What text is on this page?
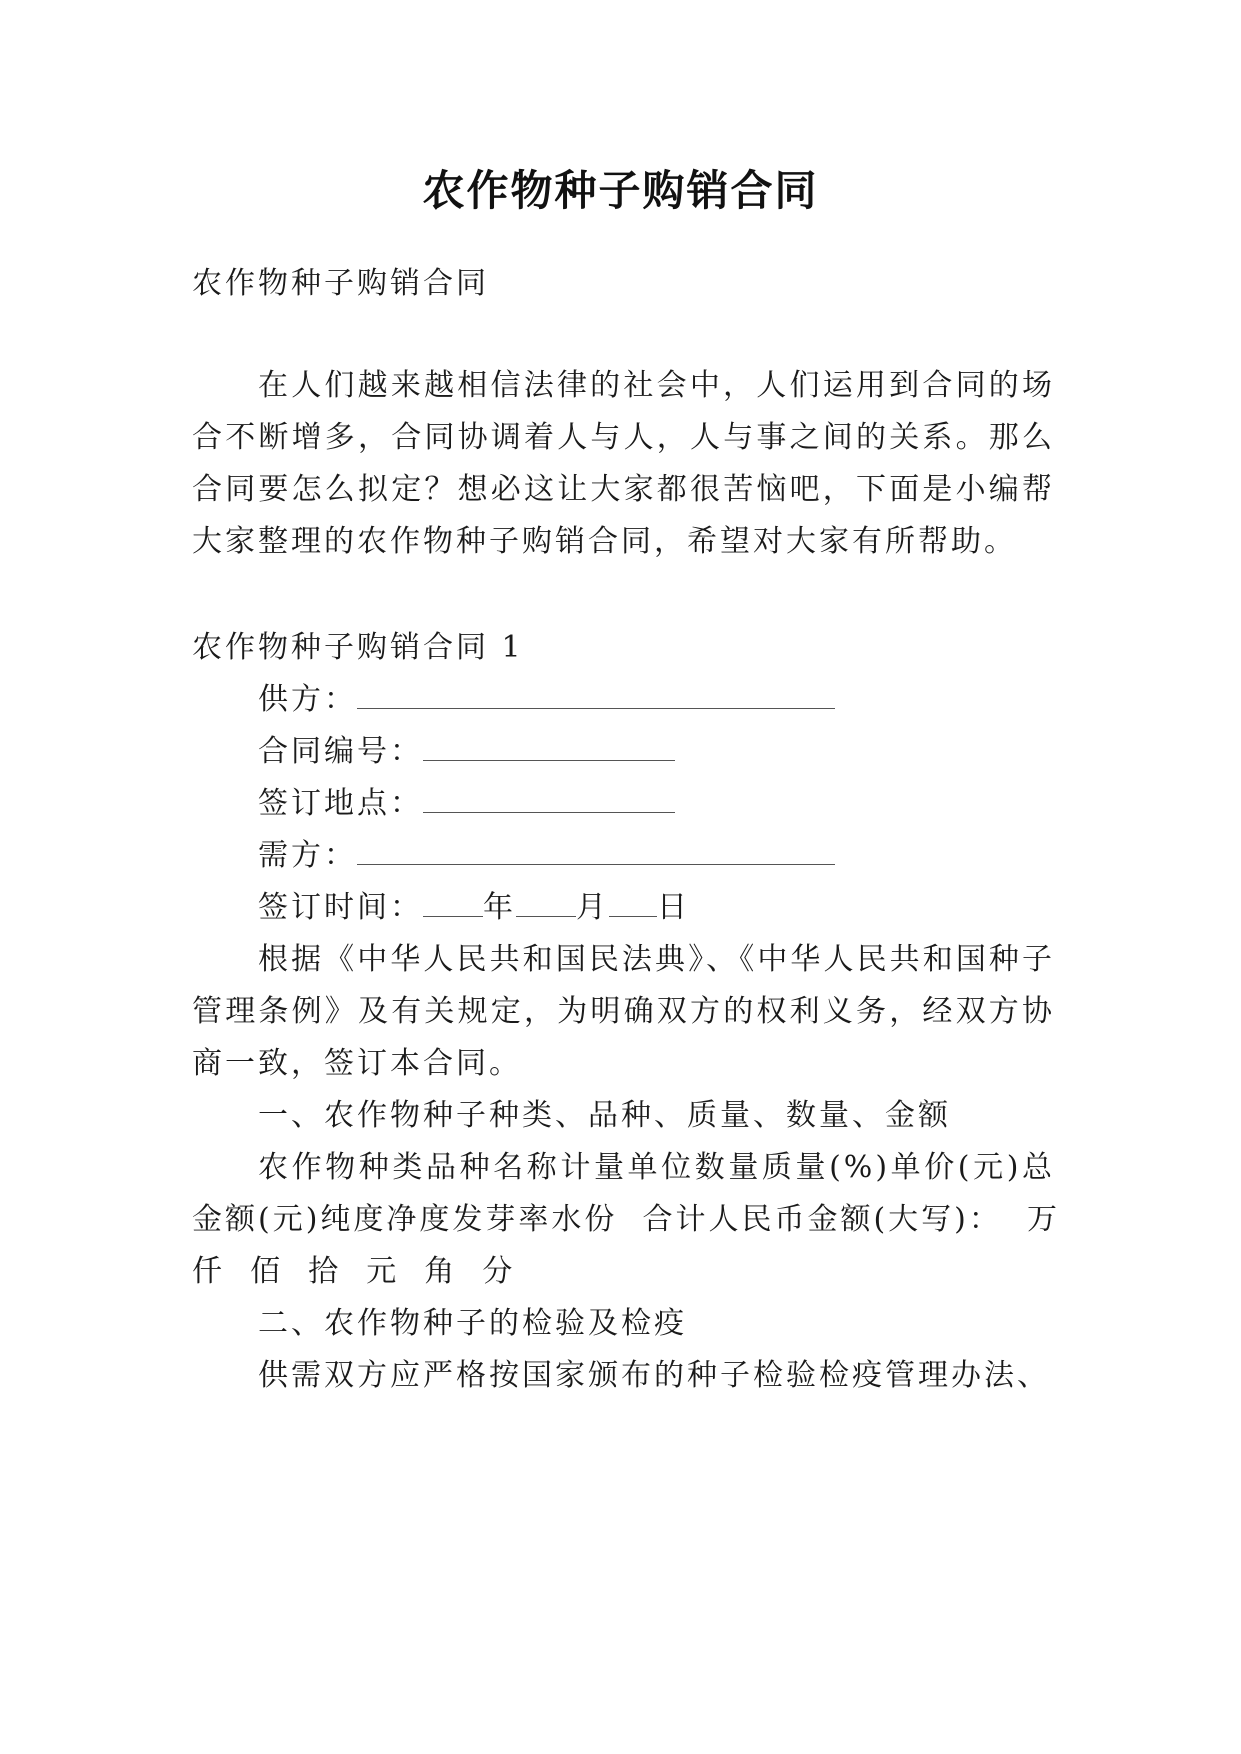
农作物种子购销合同
农作物种子购销合同
在人们越来越相信法律的社会中，人们运用到合同的场
合不断增多，合同协调着人与人，人与事之间的关系。那么
合同要怎么拟定？想必这让大家都很苦恼吧，下面是小编帮
大家整理的农作物种子购销合同，希望对大家有所帮助。
农作物种子购销合同 1
供方：
合同编号：
签订地点：
需方：
签订时间： 年 月 日
根据《中华人民共和国民法典》、《中华人民共和国种子
管理条例》及有关规定，为明确双方的权利义务，经双方协
商一致，签订本合同。
一、农作物种子种类、品种、质量、数量、金额
农作物种类品种名称计量单位数量质量(%)单价(元)总
金额(元)纯度净度发芽率水份  合计人民币金额(大写)：  万
仟  佰  拾  元  角  分
二、农作物种子的检验及检疫
供需双方应严格按国家颁布的种子检验检疫管理办法、
